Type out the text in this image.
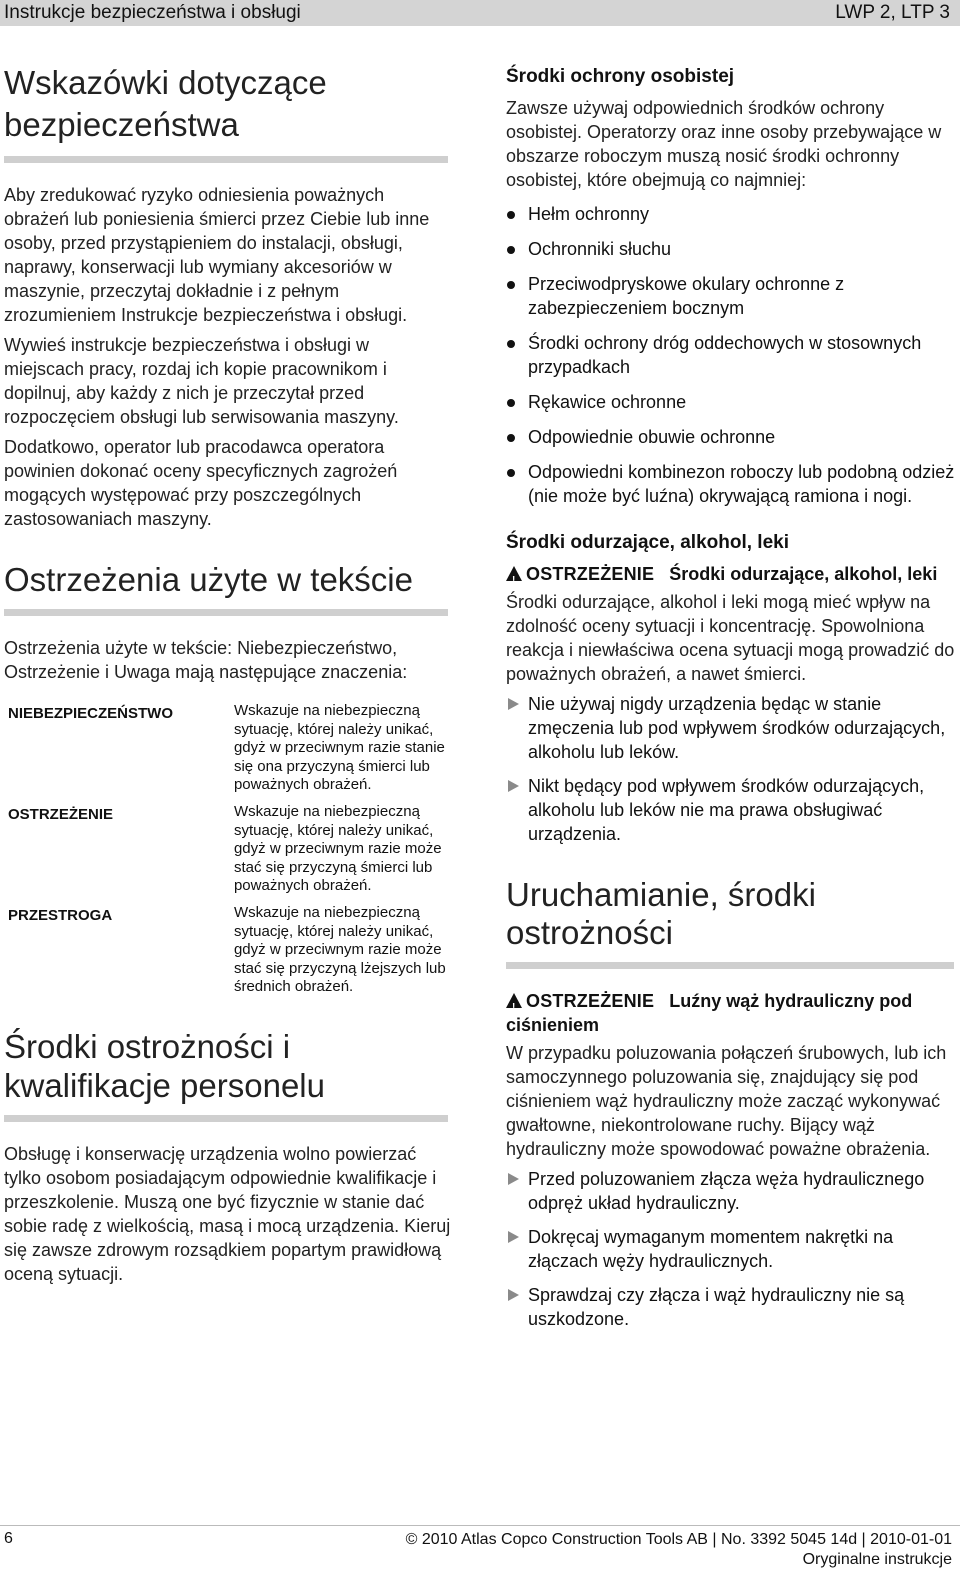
Instrukcje bezpieczeństwa i obsługi	LWP 2, LTP 3
Wskazówki dotyczące bezpieczeństwa

Aby zredukować ryzyko odniesienia poważnych obrażeń lub poniesienia śmierci przez Ciebie lub inne osoby, przed przystąpieniem do instalacji, obsługi, naprawy, konserwacji lub wymiany akcesoriów w maszynie, przeczytaj dokładnie i z pełnym zrozumieniem Instrukcje bezpieczeństwa i obsługi.

Wywieś instrukcje bezpieczeństwa i obsługi w miejscach pracy, rozdaj ich kopie pracownikom i dopilnuj, aby każdy z nich je przeczytał przed rozpoczęciem obsługi lub serwisowania maszyny.

Dodatkowo, operator lub pracodawca operatora powinien dokonać oceny specyficznych zagrożeń mogących występować przy poszczególnych zastosowaniach maszyny.

Ostrzeżenia użyte w tekście

Ostrzeżenia użyte w tekście: Niebezpieczeństwo, Ostrzeżenie i Uwaga mają następujące znaczenia:

NIEBEZPIECZEŃSTWO	Wskazuje na niebezpieczną sytuację, której należy unikać, gdyż w przeciwnym razie stanie się ona przyczyną śmierci lub poważnych obrażeń.
OSTRZEŻENIE	Wskazuje na niebezpieczną sytuację, której należy unikać, gdyż w przeciwnym razie może stać się przyczyną śmierci lub poważnych obrażeń.
PRZESTROGA	Wskazuje na niebezpieczną sytuację, której należy unikać, gdyż w przeciwnym razie może stać się przyczyną lżejszych lub średnich obrażeń.
Środki ostrożności i kwalifikacje personelu

Obsługę i konserwację urządzenia wolno powierzać tylko osobom posiadającym odpowiednie kwalifikacje i przeszkolenie. Muszą one być fizycznie w stanie dać sobie radę z wielkością, masą i mocą urządzenia. Kieruj się zawsze zdrowym rozsądkiem popartym prawidłową oceną sytuacji.

Środki ochrony osobistej

Zawsze używaj odpowiednich środków ochrony osobistej. Operatorzy oraz inne osoby przebywające w obszarze roboczym muszą nosić środki ochronny osobistej, które obejmują co najmniej:

Hełm ochronny
Ochronniki słuchu
Przeciwodpryskowe okulary ochronne z zabezpieczeniem bocznym
Środki ochrony dróg oddechowych w stosownych przypadkach
Rękawice ochronne
Odpowiednie obuwie ochronne
Odpowiedni kombinezon roboczy lub podobną odzież (nie może być luźna) okrywającą ramiona i nogi.
Środki odurzające, alkohol, leki
! OSTRZEŻENIE Środki odurzające, alkohol, leki

Środki odurzające, alkohol i leki mogą mieć wpływ na zdolność oceny sytuacji i koncentrację. Spowolniona reakcja i niewłaściwa ocena sytuacji mogą prowadzić do poważnych obrażeń, a nawet śmierci.

Nie używaj nigdy urządzenia będąc w stanie zmęczenia lub pod wpływem środków odurzających, alkoholu lub leków.
Nikt będący pod wpływem środków odurzających, alkoholu lub leków nie ma prawa obsługiwać urządzenia.
Uruchamianie, środki ostrożności
! OSTRZEŻENIE Luźny wąż hydrauliczny pod ciśnieniem

W przypadku poluzowania połączeń śrubowych, lub ich samoczynnego poluzowania się, znajdujący się pod ciśnieniem wąż hydrauliczny może zacząć wykonywać gwałtowne, niekontrolowane ruchy. Bijący wąż hydrauliczny może spowodować poważne obrażenia.

Przed poluzowaniem złącza węża hydraulicznego odpręż układ hydrauliczny.
Dokręcaj wymaganym momentem nakrętki na złączach węży hydraulicznych.
Sprawdzaj czy złącza i wąż hydrauliczny nie są uszkodzone.
6	© 2010 Atlas Copco Construction Tools AB | No. 3392 5045 14d | 2010-01-01
Oryginalne instrukcje
